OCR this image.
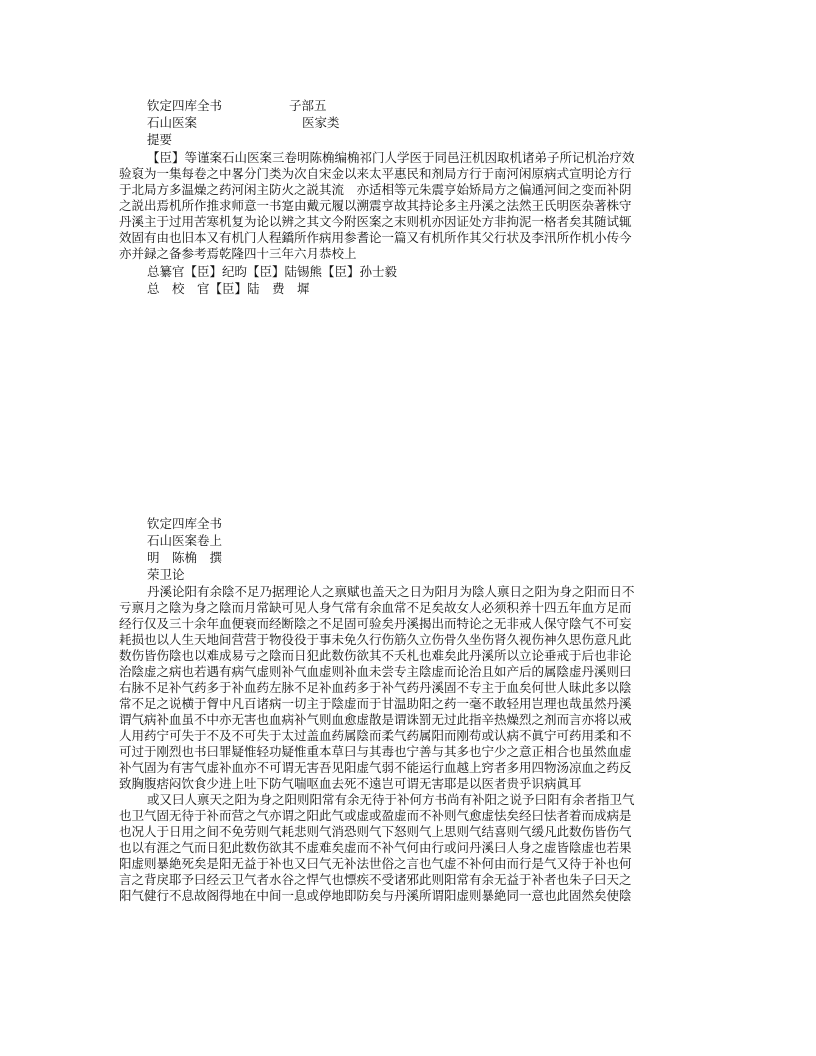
钦定四库全书	子部五
石山医案	医家类
提要
【臣】等谨案石山医案三卷明陈桷编桷祁门人学医于同邑汪机因取机诸弟子所记机治疗效
验裒为一集每卷之中畧分门类为次自宋金以来太平惠民和剂局方行于南河闲原病式宣明论方行
于北局方多温燥之药河闲主防火之説其流　亦适相等元朱震亨始矫局方之偏通河间之变而补阴
之説出焉机所作推求师意一书寔由戴元履以溯震亨故其持论多主丹溪之法然王氏明医杂著株守
丹溪主于过用苦寒机复为论以辨之其文今附医案之末则机亦因证处方非拘泥一格者矣其随试辄
效固有由也旧本又有机门人程鐈所作病用参耆论一篇又有机所作其父行状及李汛所作机小传今
亦并録之备参考焉乾隆四十三年六月恭校上
总纂官【臣】纪昀【臣】陆锡熊【臣】孙士毅
总　校　官【臣】陆　费　墀
钦定四库全书
石山医案卷上
明　陈桷　撰
荣卫论
丹溪论阳有余陰不足乃据理论人之禀赋也盖天之日为阳月为陰人禀日之阳为身之阳而日不
亏禀月之陰为身之陰而月常缺可见人身气常有余血常不足矣故女人必须积养十四五年血方足而
经行仅及三十余年血便衰而经断陰之不足固可验矣丹溪揭出而特论之无非戒人保守陰气不可妄
耗损也以人生天地间营营于物役役于事未免久行伤筋久立伤骨久坐伤肾久视伤神久思伤意凡此
数伤皆伤陰也以难成易亏之陰而日犯此数伤欲其不夭札也难矣此丹溪所以立论垂戒于后也非论
治陰虚之病也若遇有病气虚则补气血虚则补血未尝专主陰虚而论治且如产后的属陰虚丹溪则曰
右脉不足补气药多于补血药左脉不足补血药多于补气药丹溪固不专主于血矣何世人昧此多以陰
常不足之说横于胷中凡百诸病一切主于陰虚而于甘温助阳之药一毫不敢轻用岂理也哉虽然丹溪
谓气病补血虽不中亦无害也血病补气则血愈虚散是谓诛罰无过此指辛热燥烈之剂而言亦将以戒
人用药宁可失于不及不可失于太过盖血药属陰而柔气药属阳而刚苟或认病不眞宁可药用柔和不
可过于刚烈也书曰罪疑惟轻功疑惟重本草曰与其毒也宁善与其多也宁少之意正相合也虽然血虚
补气固为有害气虚补血亦不可谓无害吾见阳虚气弱不能运行血越上窍者多用四物汤凉血之药反
致胸腹痞闷饮食少进上吐下防气喘呕血去死不遠岂可谓无害耶是以医者贵乎识病眞耳
或又曰人禀天之阳为身之阳则阳常有余无待于补何方书尚有补阳之说予曰阳有余者指卫气
也卫气固无待于补而营之气亦谓之阳此气或虚或盈虚而不补则气愈虚怯矣经曰怯者着而成病是
也况人于日用之间不免劳则气耗悲则气消恐则气下怒则气上思则气结喜则气缓凡此数伤皆伤气
也以有涯之气而日犯此数伤欲其不虚难矣虚而不补气何由行或问丹溪曰人身之虚皆陰虚也若果
阳虚则暴絶死矣是阳无益于补也又曰气无补法世俗之言也气虚不补何由而行是气又待于补也何
言之背戾耶予曰经云卫气者水谷之悍气也慓疾不受诸邪此则阳常有余无益于补者也朱子曰天之
阳气健行不息故阁得地在中间一息或停地即防矣与丹溪所谓阳虚则暴絶同一意也此固然矣使陰
